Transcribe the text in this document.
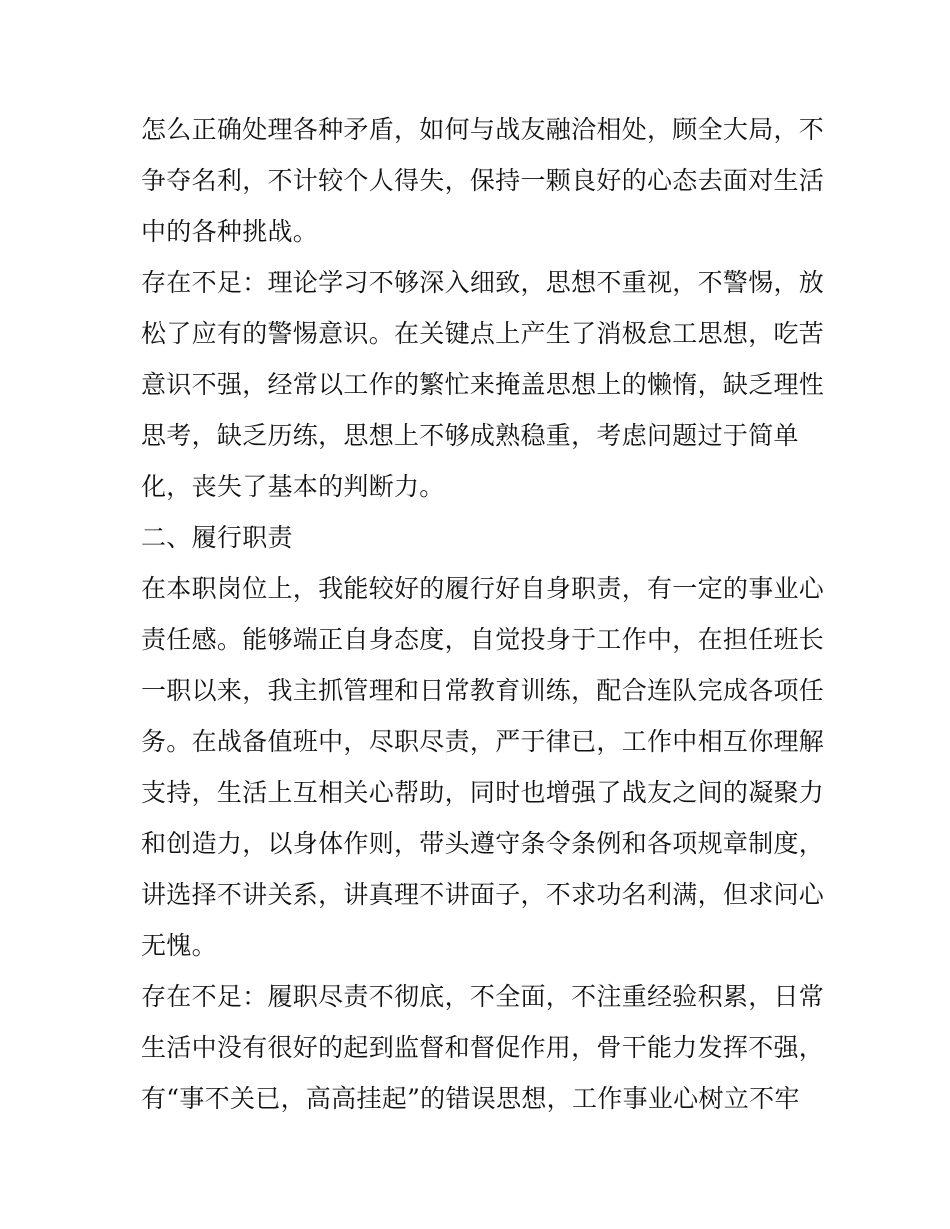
怎么正确处理各种矛盾，如何与战友融洽相处，顾全大局，不
争夺名利，不计较个人得失，保持一颗良好的心态去面对生活
中的各种挑战。
存在不足：理论学习不够深入细致，思想不重视，不警惕，放
松了应有的警惕意识。在关键点上产生了消极怠工思想，吃苦
意识不强，经常以工作的繁忙来掩盖思想上的懒惰，缺乏理性
思考，缺乏历练，思想上不够成熟稳重，考虑问题过于简单
化，丧失了基本的判断力。
二、履行职责
在本职岗位上，我能较好的履行好自身职责，有一定的事业心
责任感。能够端正自身态度，自觉投身于工作中，在担任班长
一职以来，我主抓管理和日常教育训练，配合连队完成各项任
务。在战备值班中，尽职尽责，严于律已，工作中相互你理解
支持，生活上互相关心帮助，同时也增强了战友之间的凝聚力
和创造力，以身体作则，带头遵守条令条例和各项规章制度，
讲选择不讲关系，讲真理不讲面子，不求功名利满，但求问心
无愧。
存在不足：履职尽责不彻底，不全面，不注重经验积累，日常
生活中没有很好的起到监督和督促作用，骨干能力发挥不强，
有“事不关已，高高挂起”的错误思想，工作事业心树立不牢
